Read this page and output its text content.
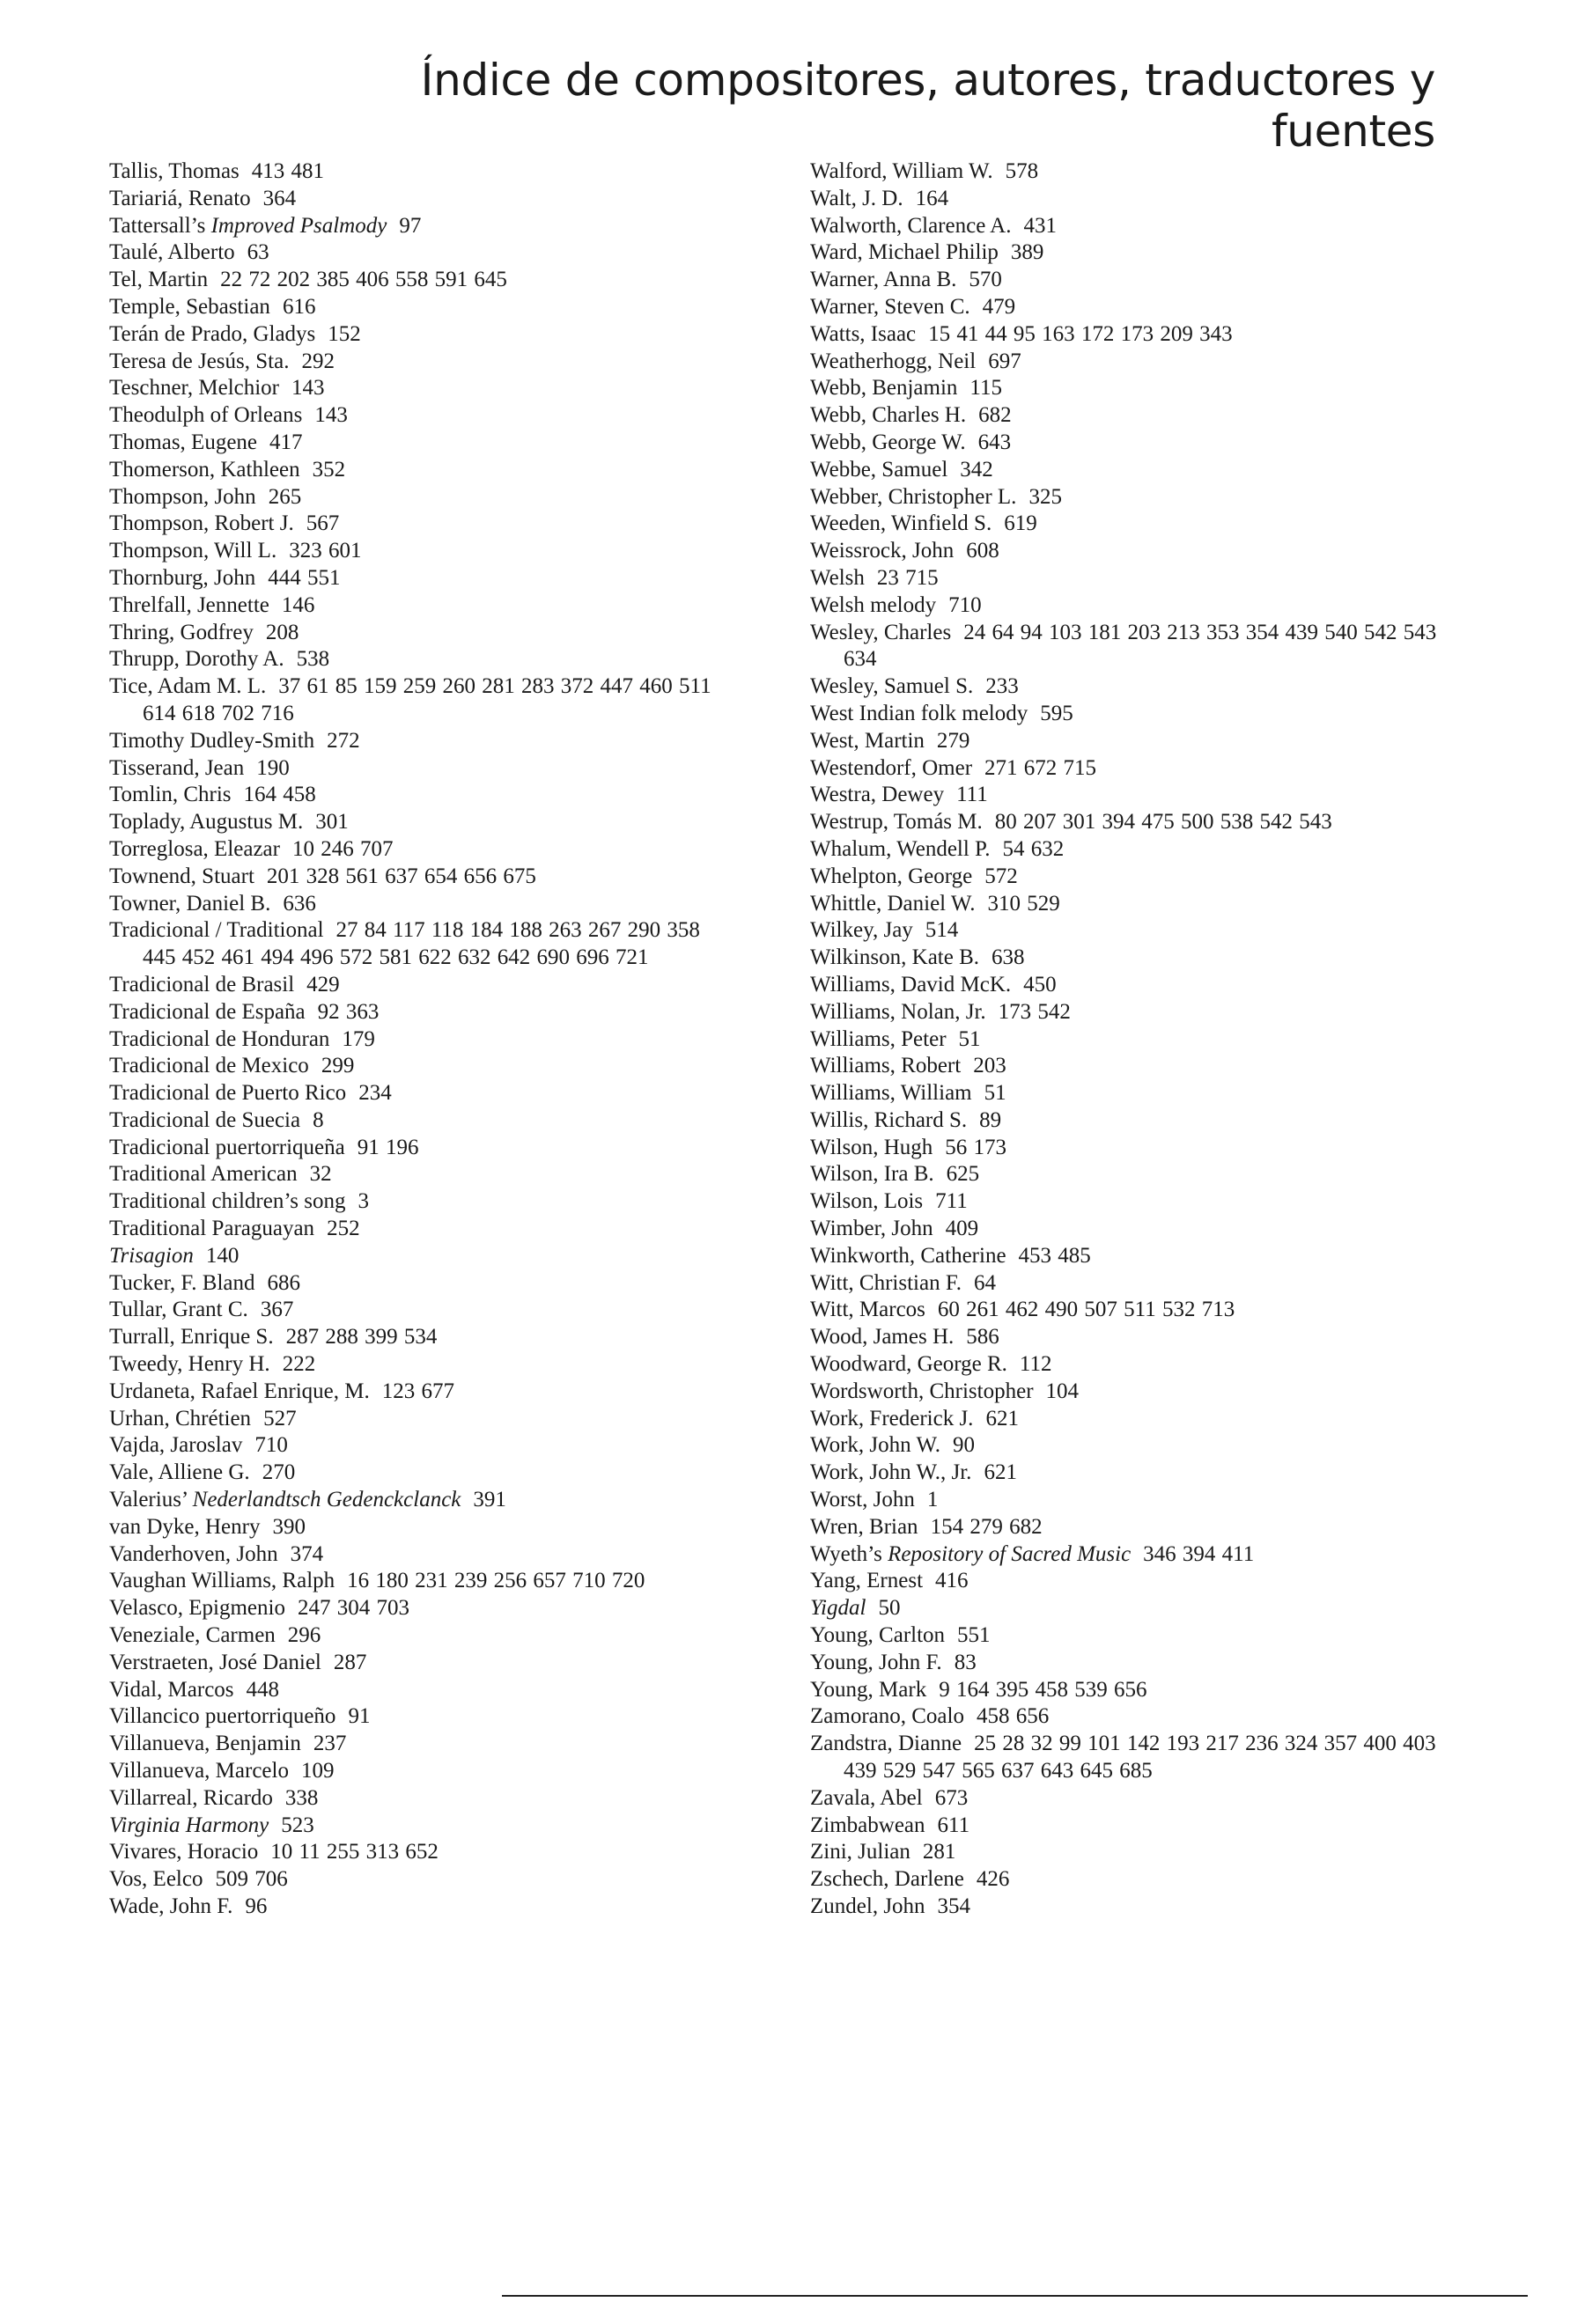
Índice de compositores, autores, traductores y fuentes
Tallis, Thomas 413 481
Tariariá, Renato 364
Tattersall’s Improved Psalmody 97
Taulé, Alberto 63
Tel, Martin 22 72 202 385 406 558 591 645
Temple, Sebastian 616
Terán de Prado, Gladys 152
Teresa de Jesús, Sta. 292
Teschner, Melchior 143
Theodulph of Orleans 143
Thomas, Eugene 417
Thomerson, Kathleen 352
Thompson, John 265
Thompson, Robert J. 567
Thompson, Will L. 323 601
Thornburg, John 444 551
Threlfall, Jennette 146
Thring, Godfrey 208
Thrupp, Dorothy A. 538
Tice, Adam M. L. 37 61 85 159 259 260 281 283 372 447 460 511 614 618 702 716
Timothy Dudley-Smith 272
Tisserand, Jean 190
Tomlin, Chris 164 458
Toplady, Augustus M. 301
Torreglosa, Eleazar 10 246 707
Townend, Stuart 201 328 561 637 654 656 675
Towner, Daniel B. 636
Tradicional / Traditional 27 84 117 118 184 188 263 267 290 358 445 452 461 494 496 572 581 622 632 642 690 696 721
Tradicional de Brasil 429
Tradicional de España 92 363
Tradicional de Honduran 179
Tradicional de Mexico 299
Tradicional de Puerto Rico 234
Tradicional de Suecia 8
Tradicional puertorriqueña 91 196
Traditional American 32
Traditional children’s song 3
Traditional Paraguayan 252
Trisagion 140
Tucker, F. Bland 686
Tullar, Grant C. 367
Turrall, Enrique S. 287 288 399 534
Tweedy, Henry H. 222
Urdaneta, Rafael Enrique, M. 123 677
Urhan, Chrétien 527
Vajda, Jaroslav 710
Vale, Alliene G. 270
Valerius’ Nederlandtsch Gedenckclanck 391
van Dyke, Henry 390
Vanderhoven, John 374
Vaughan Williams, Ralph 16 180 231 239 256 657 710 720
Velasco, Epigmenio 247 304 703
Veneziale, Carmen 296
Verstraeten, José Daniel 287
Vidal, Marcos 448
Villancico puertorriqueño 91
Villanueva, Benjamin 237
Villanueva, Marcelo 109
Villarreal, Ricardo 338
Virginia Harmony 523
Vivares, Horacio 10 11 255 313 652
Vos, Eelco 509 706
Wade, John F. 96
Walford, William W. 578
Walt, J. D. 164
Walworth, Clarence A. 431
Ward, Michael Philip 389
Warner, Anna B. 570
Warner, Steven C. 479
Watts, Isaac 15 41 44 95 163 172 173 209 343
Weatherhogg, Neil 697
Webb, Benjamin 115
Webb, Charles H. 682
Webb, George W. 643
Webbe, Samuel 342
Webber, Christopher L. 325
Weeden, Winfield S. 619
Weissrock, John 608
Welsh 23 715
Welsh melody 710
Wesley, Charles 24 64 94 103 181 203 213 353 354 439 540 542 543 634
Wesley, Samuel S. 233
West Indian folk melody 595
West, Martin 279
Westendorf, Omer 271 672 715
Westra, Dewey 111
Westrup, Tomás M. 80 207 301 394 475 500 538 542 543
Whalum, Wendell P. 54 632
Whelpton, George 572
Whittle, Daniel W. 310 529
Wilkey, Jay 514
Wilkinson, Kate B. 638
Williams, David McK. 450
Williams, Nolan, Jr. 173 542
Williams, Peter 51
Williams, Robert 203
Williams, William 51
Willis, Richard S. 89
Wilson, Hugh 56 173
Wilson, Ira B. 625
Wilson, Lois 711
Wimber, John 409
Winkworth, Catherine 453 485
Witt, Christian F. 64
Witt, Marcos 60 261 462 490 507 511 532 713
Wood, James H. 586
Woodward, George R. 112
Wordsworth, Christopher 104
Work, Frederick J. 621
Work, John W. 90
Work, John W., Jr. 621
Worst, John 1
Wren, Brian 154 279 682
Wyeth’s Repository of Sacred Music 346 394 411
Yang, Ernest 416
Yigdal 50
Young, Carlton 551
Young, John F. 83
Young, Mark 9 164 395 458 539 656
Zamorano, Coalo 458 656
Zandstra, Dianne 25 28 32 99 101 142 193 217 236 324 357 400 403 439 529 547 565 637 643 645 685
Zavala, Abel 673
Zimbabwean 611
Zini, Julian 281
Zschech, Darlene 426
Zundel, John 354
